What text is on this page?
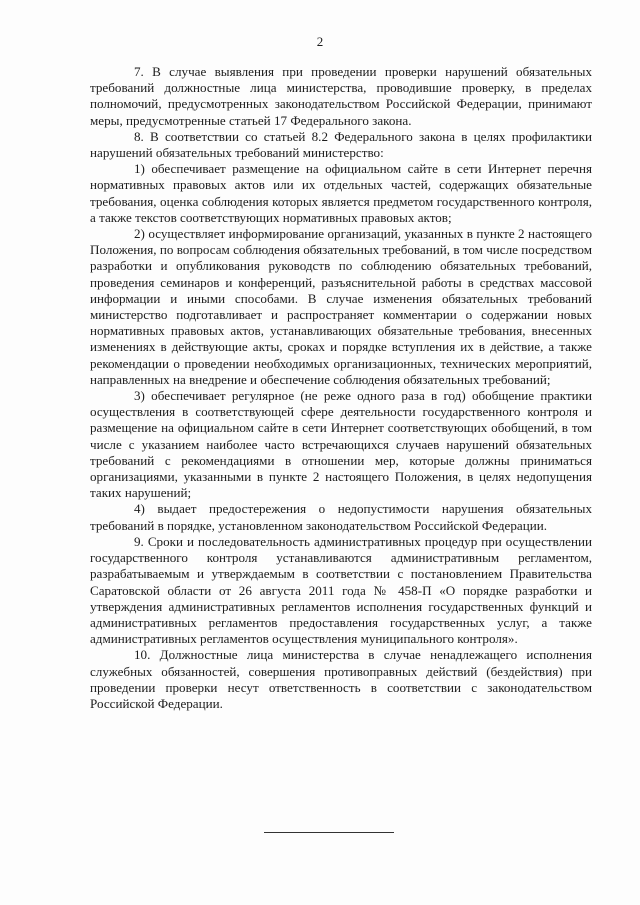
2

7. В случае выявления при проведении проверки нарушений обязательных требований должностные лица министерства, проводившие проверку, в пределах полномочий, предусмотренных законодательством Российской Федерации, принимают меры, предусмотренные статьей 17 Федерального закона.

8. В соответствии со статьей 8.2 Федерального закона в целях профилактики нарушений обязательных требований министерство:

1) обеспечивает размещение на официальном сайте в сети Интернет перечня нормативных правовых актов или их отдельных частей, содержащих обязательные требования, оценка соблюдения которых является предметом государственного контроля, а также текстов соответствующих нормативных правовых актов;

2) осуществляет информирование организаций, указанных в пункте 2 настоящего Положения, по вопросам соблюдения обязательных требований, в том числе посредством разработки и опубликования руководств по соблюдению обязательных требований, проведения семинаров и конференций, разъяснительной работы в средствах массовой информации и иными способами. В случае изменения обязательных требований министерство подготавливает и распространяет комментарии о содержании новых нормативных правовых актов, устанавливающих обязательные требования, внесенных изменениях в действующие акты, сроках и порядке вступления их в действие, а также рекомендации о проведении необходимых организационных, технических мероприятий, направленных на внедрение и обеспечение соблюдения обязательных требований;

3) обеспечивает регулярное (не реже одного раза в год) обобщение практики осуществления в соответствующей сфере деятельности государственного контроля и размещение на официальном сайте в сети Интернет соответствующих обобщений, в том числе с указанием наиболее часто встречающихся случаев нарушений обязательных требований с рекомендациями в отношении мер, которые должны приниматься организациями, указанными в пункте 2 настоящего Положения, в целях недопущения таких нарушений;

4) выдает предостережения о недопустимости нарушения обязательных требований в порядке, установленном законодательством Российской Федерации.

9. Сроки и последовательность административных процедур при осуществлении государственного контроля устанавливаются административным регламентом, разрабатываемым и утверждаемым в соответствии с постановлением Правительства Саратовской области от 26 августа 2011 года № 458-П «О порядке разработки и утверждения административных регламентов исполнения государственных функций и административных регламентов предоставления государственных услуг, а также административных регламентов осуществления муниципального контроля».

10. Должностные лица министерства в случае ненадлежащего исполнения служебных обязанностей, совершения противоправных действий (бездействия) при проведении проверки несут ответственность в соответствии с законодательством Российской Федерации.
